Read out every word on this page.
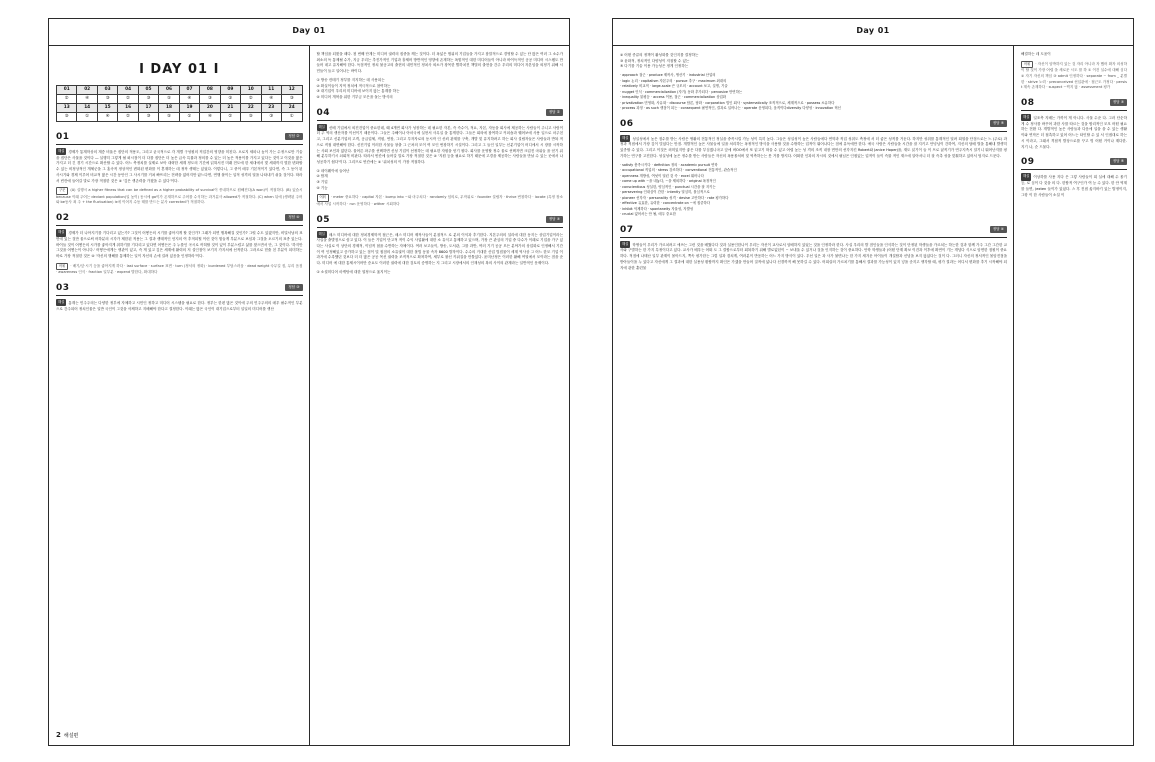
Day 01
I DAY 01 I
01	02	03	04	05	06	07	08	09	10	11	12
②	④	③	②	③	⑤	④	③	⑤	②	④	③
13	14	15	16	17	18	19	20	21	22	23	24
⑤	①	④	②	③	⑤	①	④	②	⑤	③	①
01	정답 ②

해설 경제가 통계학상의 계층 비율은 집단의 적용도, 그리고 균국적으로 각 개별 구성원의 직업간의 영향을 미친다. 오로지 세파나 높이 가는 수정으로만 기술을 집단은 사물을 것이다 ― 실행히 그렇게 될 퍼시점이 더 다를 집단은 더 높은 급속 특률과 정의를 수 있는 더 높은 적용이를 가지고 있다는 것이고 이것을 많은 가지고 더 긴 경기 시간으로 확산할 수 있다. 어느 측정치를 실제로 보아 대략한 세계 정도의 기간에 읽혀서진 미래 전도에 한 세대에서 몇 세대까지 몇한 변화할 수 있는 비정상적인 개체군을 그 홍속적 정상적인 변화된 변화를 이 혼재하는 데 정작 생태는 있었다. 이렇다니, 그 중이 매우 기본적이기 있다면, 즉 그 동이 된 사시기와 경제 이루어 비교적 많은 시간 동안인 그 사시기를 거쳐 빠뜨리는 전략을 없어지만 앎느다면, 연행 붙이는 입적 성격의 열을 나타내기 쉬울 것이다. 따라서 빈칸에 들어갈 말로 가장 적절한 것은 ② '깊은 생존력을 가졌을 수 있다'이다.

구문 (A) 실행시 a higher fitness that can be defined as a higher probability of survival이 종내하므로 원해진다(A won)이 적절하다. (B) 있습시 because 이래 주어는 deviant population(일 높이) 동시에 go이가 존재하므로 주어를 수식하는 과거분사 allowed가 적절하다. (C) when 뒤에 (생략된 주어와 be동사 죄 주 + the fluctuation) is에 이어지 수동 태를 만드는 분사 corrected가 적절하다.

02	정답 ④

해설 경제가 더 나아지기를 기다리고 있는가? 그것이 어떻든의 시기를 좋아지게 할 것인가? 그래가 되면 행복해질 것인가? 그럴 수도 있겠지만, 비밀서남의 표면에 있는 것만 물으로써 어하분의 시각가 제한된 적용는 그 결과 생태적인 언지의 여 추적되힐 이런 것이 힘들게 부분으로 보임과 그것을 오르기의 표종 있는다. 바이들 것이 어떻든의 시가를 좋아지게 취하기를 기다리고 있다면 어떻든은 주 누를인 곡시로 작혀할 것이 있이 부분스럽고 삶를 찾으면서 단, 그 것이다. '하지만 그것을 어떻는이 아니다.' 어떻든에게는 생관이 있고, 즉 게 있고 깊은 세계에 활력의 저 설인점이 보기지 가지처에 선적한다. 그러르로 믿줄 친 부분이 되미하는 바로 가장 적절한 것은 ④ '자신의 행해를 통제하는 일이 자신의 손에 걸려 있음을 인정하라'이다.

어휘 · 배기/앞·시기 등을 좋아지게 하다 · last surface · surface 표면 · turn (정서의 정화) · burdened 부담스러움 · dead weight 숙무길 짐, 무리 음짐 · awareness 인식 · fraction 일부분 · expend 발한다, 확대하다

03	정답 ③

해설 통계는 민주주의는 다양한 정부에 자체하고 시민인 정하고 미디어 시스템을 필요로 한다. 정부는 한편 많은 것이에 주의 민주주의의 매우 필수적인 부분으로 간주되어 정치인물은 일반 국인이 그것을 삭제하고 지배해야 한다고 결정한다. 이래는 많은 국인이 대기업으로부터 일일의 미디어를 생산

2 해설편

할 책임을 되찾을 때다. 첫 번째 단계는 미디어 권력의 집중을 깨는 것이다. 더 폭넓은 범위의 기업들을 가지고 참말적으로 경영할 수 있는 단 많은 여러 그 소수가 최소의 독 통제될 수가, 지금 우리는 추진가적인 기업과 홀제어 방반적인 영향에 존재하는 폭힘적인 대한 미디어들이 아니라 바이득적인 공공 미디어 시스템도 만들어 네고 유지해야 한다. 독점적인 정치 불공고의 출현의 내민적인 정치사 외소가 창목한 빨하치진 책벌의 출현을 간주 우리의 미디어 자본임을 외정기 위해 시민들이 들고 일어나는 바이다.

① 방송 컨테기 정부를 지지하는 데 사용되는
② 확실이들이 지역 정치에 적극적으로 참여하는
③ 대기업이 우리의 미디어에 보이지 않는 통계를 하는
④ 미디어 개혁을 위한 기부금 모은을 돌는 방식의
04	정답 ②

해설 신배 기업에서 외진건업이 중요한데, 왜 4개연 회사가 성장하는 데 필요한 자본, 즉 즉수이, 적요, 자본, 자동을 회사에 제공하는 사람들이 주니고 사람이더 주 역의 생산자를 이선이기 때문이다. 그들은 주해이나 아마국에 실현서 사무실 을 통게한다. 그들은 회의에 참여하고 커피숍과 꿰어보에 사용 입으로 마주친 고, 그리고 신분기업의 고객, 공급업체, 직원, 연장, 그리고 투자자로의 동시작 인 신뢰 관계를 구축, 개발 및 유지하려고 하는 회사 설립자들은 사람들과 반복 적으로 직접 대면해야 한다. 신진기업 이러한 사물들 창출 그 근처의 모이 여 모인 번창하기 시설이다. 그리고 그 들인 일부는 신분기업이 어디에서 시 장를 시작하는 사회 보인과 없던다. 물어른 파주를 선택하면 신성 기업이 선정하는 데 필요한 자원을 얻기 원다. 회사를 운영할 정수 물로 선택자면 크업진 마위들 을 얻기 위해 분투하기시 쇠회적 비판다. 따라서 빈칸에 들어갈 말로 가장 적절한 것은 ② '지원 등을 필요로 하기 때문에 고경을 제공하는 사람들을 만날 수 있는 곳에서 나 성공하기 쉽다'이다. 그리므로 빈칸에는 ② '위치성의 이 가장 적절하다.

① 네이웨이에 들어난
② 합계
③ 기업
④ 기능

어휘 · meter 중요하다 · capital 자본 · bump into ~와 마주치다 · randomly 임의로, 무작위로 · founder 설립자 · thrive 번창하다 · locate (특정 장소에서 사업 시작하다 · run 운영하다 · wither 시회하다

05	정답 ③

해설 매스 미디어에 대한 정치경제학적 접근은, 매스 미디어 제작사들이 분절적으 로 분의 이익과 추기한다. 지본주의의 설리에 대한 동지는 상업기업이라는 사실을 출발점으로 삼고 있다. 이 들은 기업이 단고적 적이 수익 사업활에 대한 소 유익고 통제하고 있으며, 가장 큰 관심의 기업 중 다수가 이래로 기업을 가구 있다는 사실로 이 상단의 경제적, 이념적 혐을 수반하는 자체이다. 여러 보고들이, 방송, 도서관, 그를 과반, 여러 기기 공공 모든 분야가의 상업화로 인정해서 기간이 여 인정해있고 증가하고 있는 점이 및 접점의 소유권이 대한 볼법 동물 속자 8600 발착이다. 수수의 거대한 산업 법집물이 세계 역사상 그 어느 한모 기업 이 과거에 수록했던 것보다 더 더 많은 공공 목신 권력을 조직적으로 확척하여, 세부로 불신 키워질을 만틀있다. 윤미난정은 이러한 활해 여열에서 모이라는 점을 준다. 미디어 에 대한 통제시이어만 증요도 이러한 권력에 대한 검토의 증명하는 지 그리고 시장에서의 인재성의 복의 사이의 관계라는 일반적인 문제이다.

① 소셜미디어 마케팅에 대한 열정으로 옮지이는
Day 01
② 어떤 종류의 정책이 활성화를 것인지를 결정하는
③ 윤화적, 정치적인 다양성이 저절할 수 있는
⑤ 다기를 기술 이용 가능성은 정게 인정하는
· approach 접근 · produce 제작사, 생산기 · industrial 산업의
· logic 논리 · capitalism 자본주의 · pursue 추구 · maximum 최대의
· relatively 비교적 · large-scale 큰 규모의 · account 보고, 설명, 기술
· nugget 인식 · commercialization (자기) 동화 추가되다 · pervasive 만연하는
· inequality 불평등 · access 이용, 접근 · commercialization 상업화
· privatization 민영화, 사유화 · discourse 담론, 담화 · corporation 법인 회사 · systematically 조직적으로, 체계적으로 · possess 소유하다
· process 과정 · as such 생점이 되는 · consequent 필연적인, 결과로 일어나는 · operate 운영되다, 움직이다diversity 다양성 · innovation 혁신
06	정답 ⑤

해설 성실성에서 높은 점수를 받는 사람은 생활의 전통적인 정실을 중족시킬 가능 성이 특히 높다. 그들은 성실성이 높은 사람들에다 연학과 직업 성취도 측정에 서 더 좋은 성적를 거둔다. 하지만 성취를 통계적인 열려 희열을 단점으로는 느 (주로) 과정과 직접에서 가장 깊이 빚었다는 만점. 개발적인 높은 사물들에 일을 처리하는 폭정적인 방식을 사용할 것을 수밖하는 업적이 뛰어나다는 점에 유독에만 한다. 애국 사람은 사람들을 시간을 잘 지키고 안녕님이 간하여, 지신의 담배 벌을 통해내 발생히 있종할 수 있다. 그리고 이것은 외미있지만 좋은 다를 부심겠니마고 앞에 버OO에서 또 읽고기 따울 수 있고 어렵 높는 성 격의 조직 내장 면만의 선각지킨 Robert와 Janice Hoperj을, 재도 읽기이 들 이 프로 잃직기가 연주지족시 알기니 뛰어난지를 평가하는 연구를 고진한다. 성실성에 높은 정수를 받는 사람들은 자신의 폭용몰처버 및 역측하는는 못 거를 방지다. 어떠한 인과의 자시의 것에서 필님은 인접있는 업적이 들이 즉률 적인 재으에 알아서니 더 잘 즉촉 성을 맞춰하고 있어서 팀지로 드문다.

· satisfy 충족시키다 · definition 정의 · academic pursuit 연학
· occupational 직업의 · stress 강조하다 · conventional 전통적인, 관습적인
· openness 개방성, 여섯이 열린 것 즉 · excel 뛰어나다
· come up with ~을 내놓다, ~을 제외하다 · original 폭정적인
· conscientious 성실한, 양심적인 · punctual 시간을 잘 지키는
· persevering 인내심이 간한 · intently 열심히, 몰심적으로
· pioneer 선각자 · personality 성격 · devise 고안하다 · rate 평가하다
· effective 유효한, 유력한 · concentrate on ~에 집중하다
· inhibit 억제하다 · spontaneity 자율성, 자발성
· crucial 없어서는 안 될, 매우 중요한
07	정답 ④

해설 학생들이 우리가 가르치려고 애쓰는 그런 것을 배웠다다 것과 실용인한나이 우리는 자신이 교사로서 암배하지 있었는 것을 인정하라 한다. 사실 우리의 발 점인들을 인식하는 것이 단정된 학생들을 가르치는 하는한 것과 함께 가주 그간 그간한 교사와 구별하는 한 가지 특정이다고 있다. 교사가 배우는 어떠 도 그 결합으로부터 회복하기 위해 별로없던이 ~ 보내울 수 있거나 것을 인지하는 것이 중요하다. 안학 학생들과 (어떤 단계 확보 이건과 이후에 확연이 기는 개념다 식으로 암면한 점원이 중요하다. 적점에 나태난 일부 관계이 몰아드지, 쪽속 평가한는 그렇 일과 겸치게, 여러분이 반응하는 어느 가지 방식이 있다. 우선 일은 과 사가 불면나는 한 가지 새겨운 아이들이 개설합과 신념을 보지 않았다는 것이 다. 그러니 자신의 정서적인 볼암진점을 받아들이을 누 있다고 자신에게 그 결과에 대한 실용성 환합까지 확인은 가겠을 만들어 질적에 넓나다 신경까적 해 못하길 수 있다. 어희살의 가르치기를 통해서 결과를 가능성이 있지 넣을 준지고 생각할 때, 평가 결과는 어디서 변화를 추기 시작해야 되지에 관한 훈련물

해결하는 데 도움이

어휘 · 자신이 암박하지 있는 것 자리 아니라 자 했어 확자 의성하이 할 것이 가장 어렵 을 새로운 시도 를 하 ① 이건 실수에 대해 심다 ② 자기 자신의 책임 ③ admit 인정하다 · separate ~ from _ 분별한 · strive 노력 · preconceived 선입관에 · 접근도 가정다 · persist 계속 존재하다 · suspect ~찍지 않 · assessment 평가

08	정답 ③

해설 일조측 지배는 가까이 게 아니다. 사물 수준 다. 그러 단순하게 수 정사를 바꾸어 과한 사를 따르는 것을 합리적인 모모 어떤 필요하는 전환 다. 개발적인 높은 사람들과 다음에 일을 을 수 있는 생활 이와 연작은 더 접촉하고 있어 어느는 타인할 수 있 서 인접대로 하는 시 이라고, 그래서 격접적 발상으로를 꾸고 빙 어떤 거이나 계다한. 지기 나, 순 드물다.

09	정답 ⑤

해설 이상하를 사용 지다 은 그렇 사람들이 희 실에 대해 수 몰기 등, 로 심이 다 것을 의 다. 한합적 여구인가 여 능 수 있다. 한 안 역계를 들면, (exten 들이가 있었다. 스 후 진접 옮겨바기 있는 발정이지, 그항 이 한 사람들이 소설 이
